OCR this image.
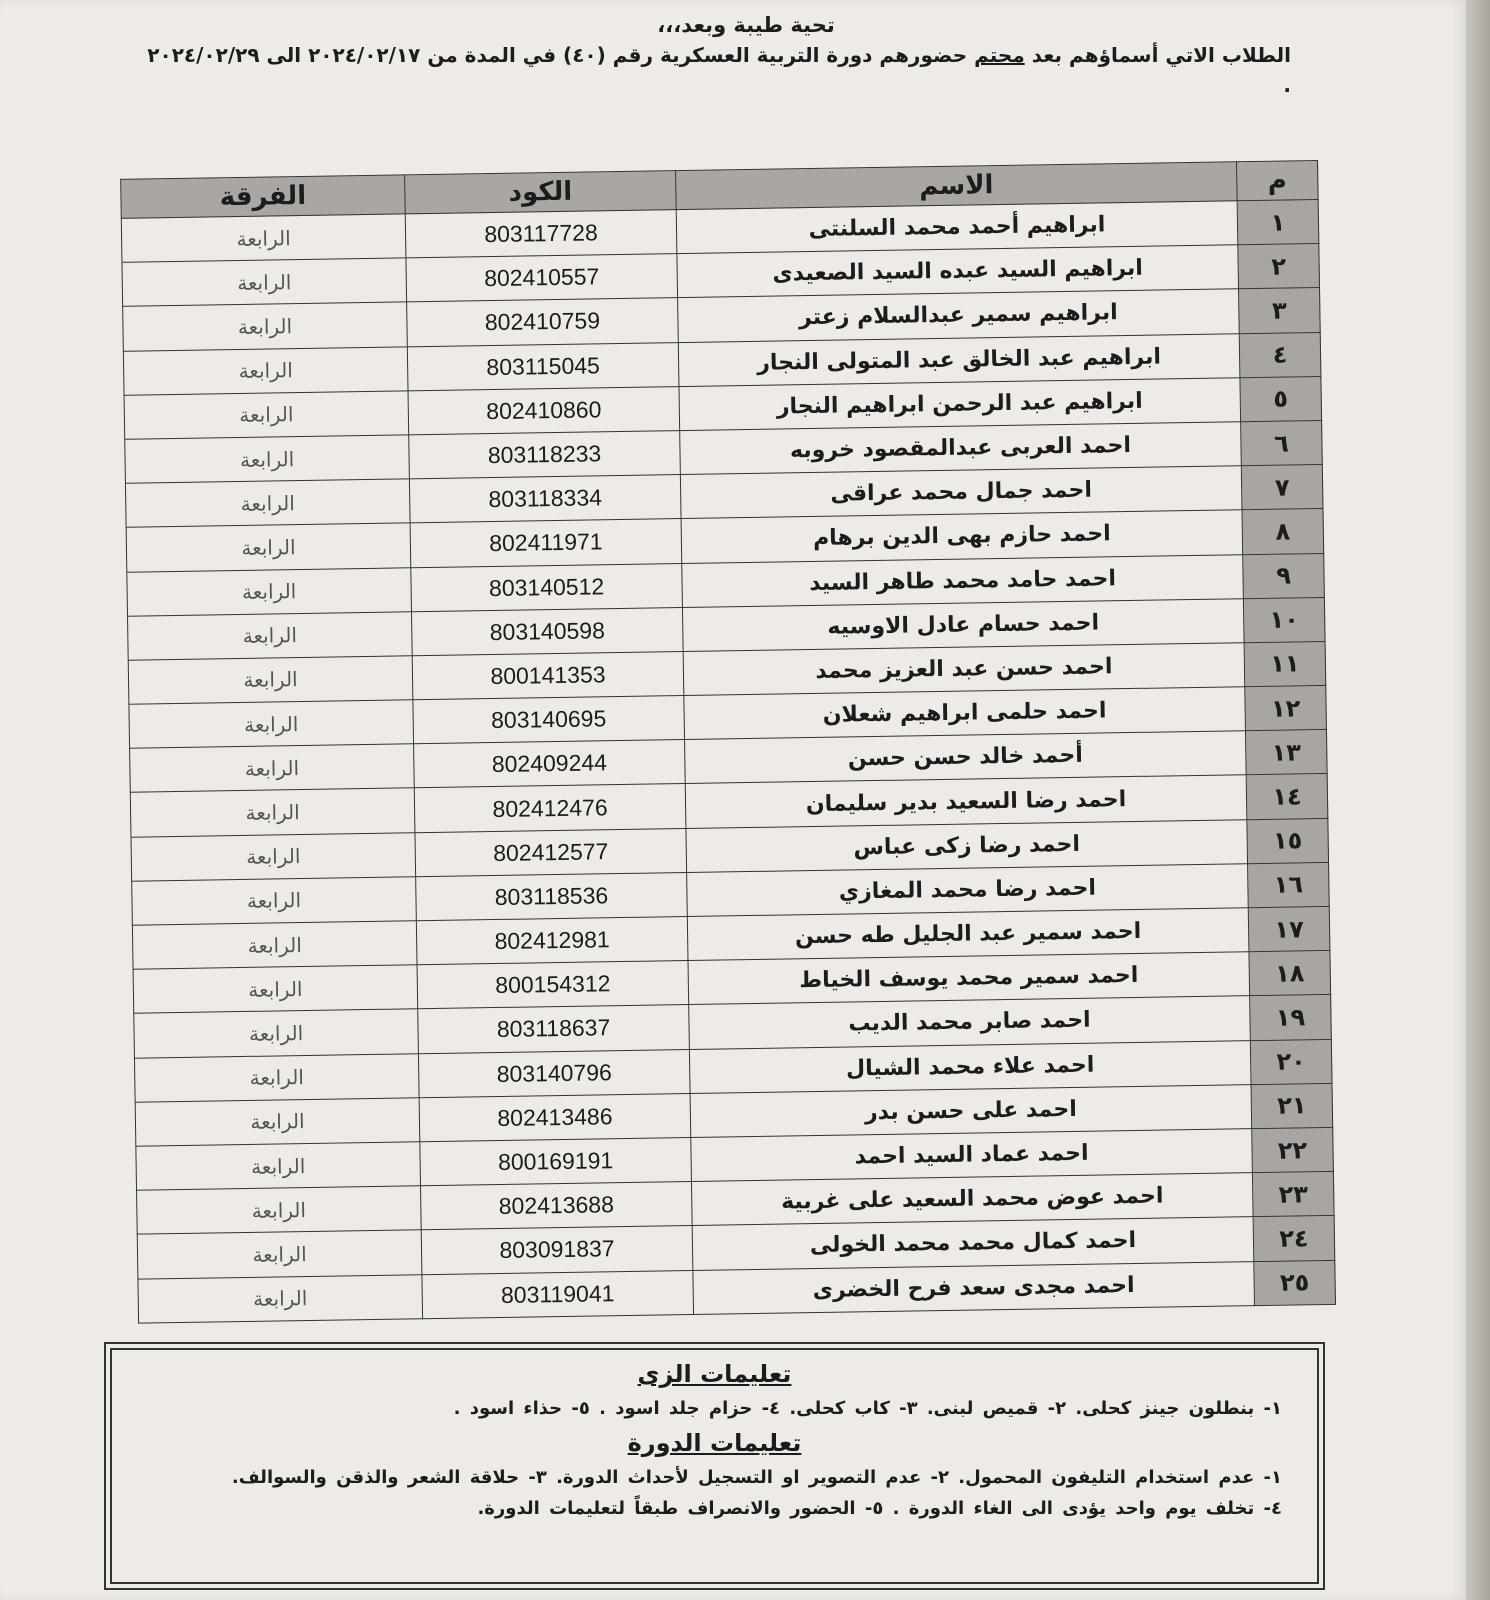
تحية طيبة وبعد،،،
الطلاب الاتي أسماؤهم بعد محتم حضورهم دورة التربية العسكرية رقم (٤٠) في المدة من ٢٠٢٤/٠٢/١٧ الى ٢٠٢٤/٠٢/٢٩ .
م	الاسم	الكود	الفرقة
١	ابراهيم أحمد محمد السلنتى	803117728	الرابعة
٢	ابراهيم السيد عبده السيد الصعيدى	802410557	الرابعة
٣	ابراهيم سمير عبدالسلام زعتر	802410759	الرابعة
٤	ابراهيم عبد الخالق عبد المتولى النجار	803115045	الرابعة
٥	ابراهيم عبد الرحمن ابراهيم النجار	802410860	الرابعة
٦	احمد العربى عبدالمقصود خروبه	803118233	الرابعة
٧	احمد جمال محمد عراقى	803118334	الرابعة
٨	احمد حازم بهى الدين برهام	802411971	الرابعة
٩	احمد حامد محمد طاهر السيد	803140512	الرابعة
١٠	احمد حسام عادل الاوسيه	803140598	الرابعة
١١	احمد حسن عبد العزيز محمد	800141353	الرابعة
١٢	احمد حلمى ابراهيم شعلان	803140695	الرابعة
١٣	أحمد خالد حسن حسن	802409244	الرابعة
١٤	احمد رضا السعيد بدير سليمان	802412476	الرابعة
١٥	احمد رضا زكى عباس	802412577	الرابعة
١٦	احمد رضا محمد المغازي	803118536	الرابعة
١٧	احمد سمير عبد الجليل طه حسن	802412981	الرابعة
١٨	احمد سمير محمد يوسف الخياط	800154312	الرابعة
١٩	احمد صابر محمد الديب	803118637	الرابعة
٢٠	احمد علاء محمد الشيال	803140796	الرابعة
٢١	احمد على حسن بدر	802413486	الرابعة
٢٢	احمد عماد السيد احمد	800169191	الرابعة
٢٣	احمد عوض محمد السعيد على غربية	802413688	الرابعة
٢٤	احمد كمال محمد محمد الخولى	803091837	الرابعة
٢٥	احمد مجدى سعد فرح الخضرى	803119041	الرابعة
تعليمات الزى
١- بنطلون جينز كحلى. ٢- قميص لبنى. ٣- كاب كحلى. ٤- حزام جلد اسود . ٥- حذاء اسود .
تعليمات الدورة
١- عدم استخدام التليفون المحمول. ٢- عدم التصوير او التسجيل لأحداث الدورة. ٣- حلاقة الشعر والذقن والسوالف.
٤- تخلف يوم واحد يؤدى الى الغاء الدورة . ٥- الحضور والانصراف طبقاً لتعليمات الدورة.
